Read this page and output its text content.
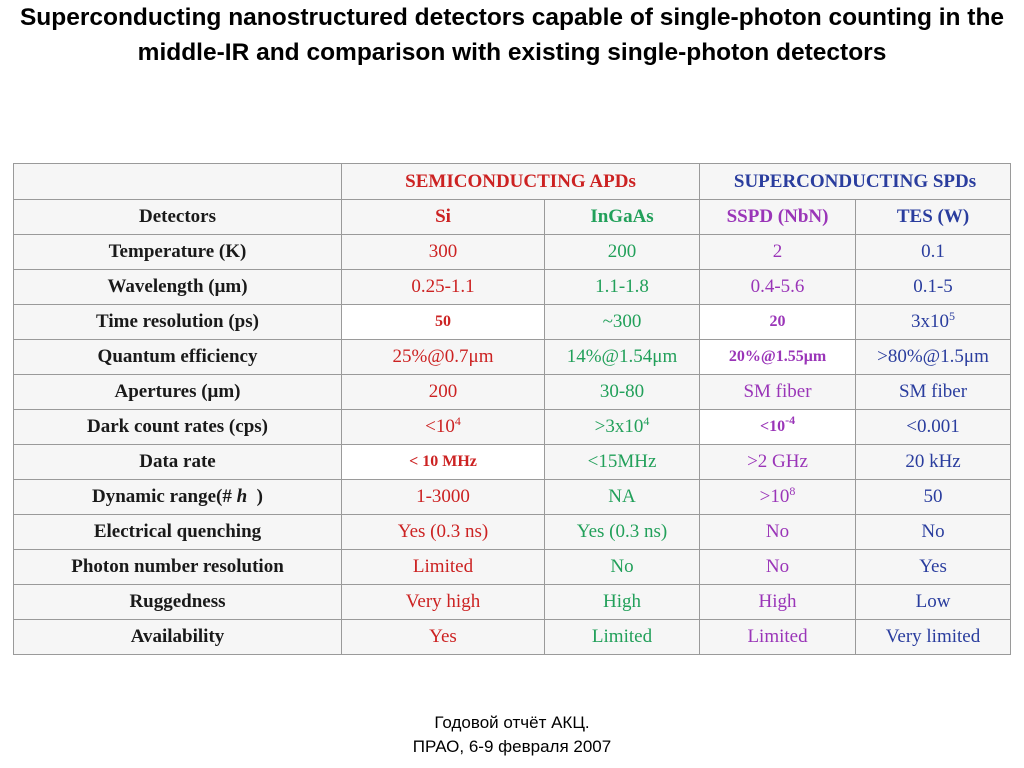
Superconducting nanostructured detectors capable of single-photon counting in the middle-IR and comparison with existing single-photon detectors
	SEMICONDUCTING APDs		SUPERCONDUCTING SPDs	
Detectors	Si	InGaAs	SSPD (NbN)	TES (W)
Temperature (K)	300	200	2	0.1
Wavelength (μm)	0.25-1.1	1.1-1.8	0.4-5.6	0.1-5
Time resolution (ps)	50	~300	20	$3x10^5$
Quantum efficiency	25%@0.7μm	14%@1.54μm	20%@1.55μm	>80%@1.5μm
Apertures (μm)	200	30-80	SM fiber	SM fiber
Dark count rates (cps)	$<10^4$	$>3x10^4$	$<10^{-4}$	<0.001
Data rate	< 10 MHz	<15MHz	>2 GHz	20 kHz
Dynamic range(# h )	1-3000	NA	$>10^8$	50
Electrical quenching	Yes (0.3 ns)	Yes (0.3 ns)	No	No
Photon number resolution	Limited	No	No	Yes
Ruggedness	Very high	High	High	Low
Availability	Yes	Limited	Limited	Very limited
Годовой отчёт АКЦ.
ПРАО, 6-9 февраля 2007
